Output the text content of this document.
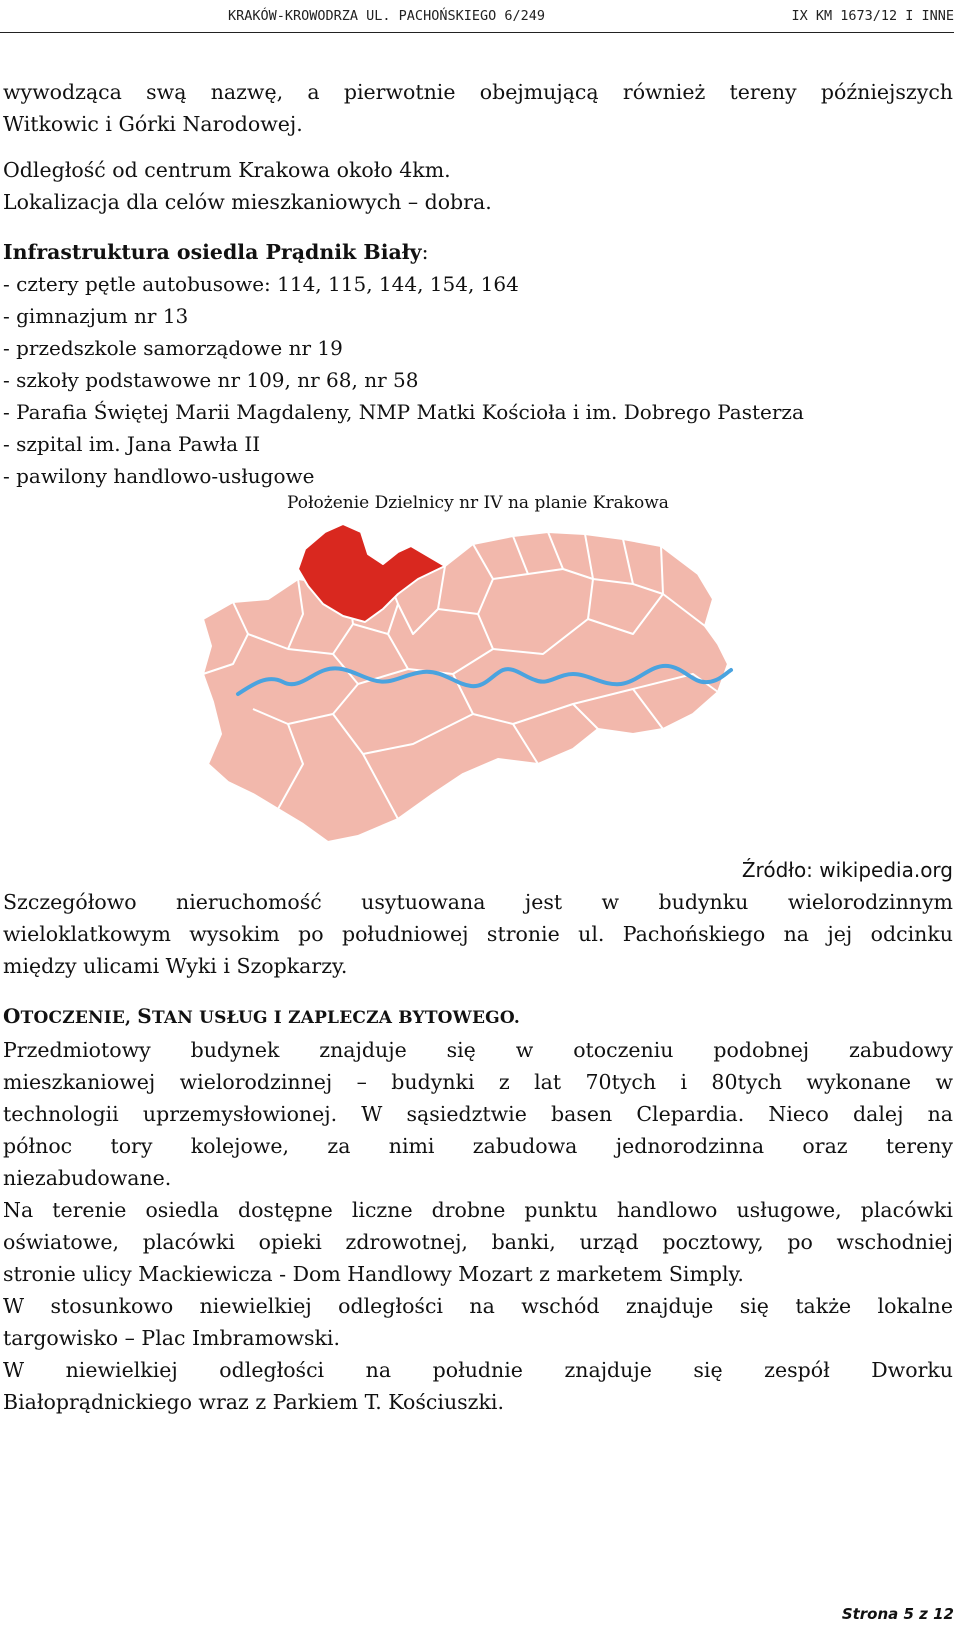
KRAKÓW-KROWODRZA UL. PACHOŃSKIEGO 6/249	IX KM 1673/12 I INNE

wywodząca swą nazwę, a pierwotnie obejmującą również tereny późniejszych

Witkowic i Górki Narodowej.

Odległość od centrum Krakowa około 4km.

Lokalizacja dla celów mieszkaniowych – dobra.

Infrastruktura osiedla Prądnik Biały:

- cztery pętle autobusowe: 114, 115, 144, 154, 164

- gimnazjum nr 13

- przedszkole samorządowe nr 19

- szkoły podstawowe nr 109, nr 68, nr 58

- Parafia Świętej Marii Magdaleny, NMP Matki Kościoła i im. Dobrego Pasterza

- szpital im. Jana Pawła II

- pawilony handlowo-usługowe

Położenie Dzielnicy nr IV na planie Krakowa

Źródło: wikipedia.org

Szczegółowo nieruchomość usytuowana jest w budynku wielorodzinnym

wieloklatkowym wysokim po południowej stronie ul. Pachońskiego na jej odcinku

między ulicami Wyki i Szopkarzy.

OTOCZENIE, STAN USŁUG I ZAPLECZA BYTOWEGO.

Przedmiotowy budynek znajduje się w otoczeniu podobnej zabudowy

mieszkaniowej wielorodzinnej – budynki z lat 70tych i 80tych wykonane w

technologii uprzemysłowionej. W sąsiedztwie basen Clepardia. Nieco dalej na

północ tory kolejowe, za nimi zabudowa jednorodzinna oraz tereny

niezabudowane.

Na terenie osiedla dostępne liczne drobne punktu handlowo usługowe, placówki

oświatowe, placówki opieki zdrowotnej, banki, urząd pocztowy, po wschodniej

stronie ulicy Mackiewicza - Dom Handlowy Mozart z marketem Simply.

W stosunkowo niewielkiej odległości na wschód znajduje się także lokalne

targowisko – Plac Imbramowski.

W niewielkiej odległości na południe znajduje się zespół Dworku

Białoprądnickiego wraz z Parkiem T. Kościuszki.

Strona 5 z 12
